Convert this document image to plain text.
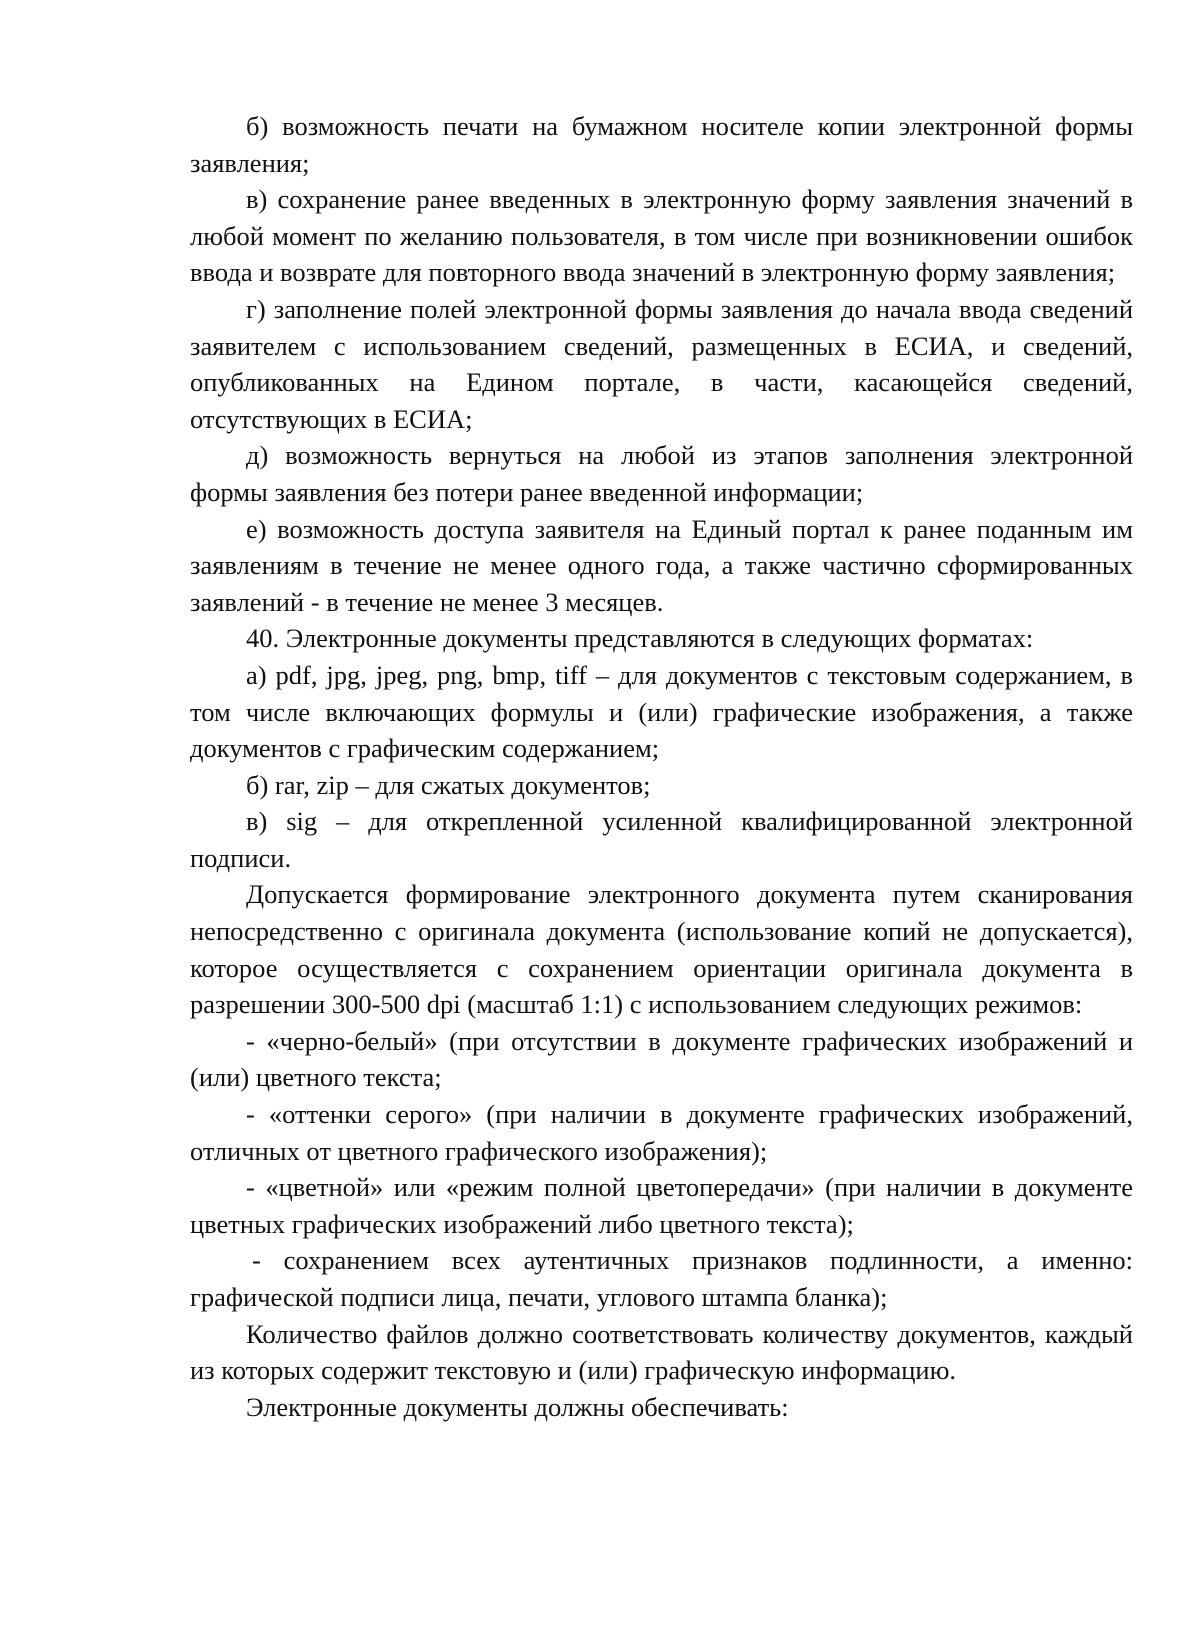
б) возможность печати на бумажном носителе копии электронной формы заявления;

в) сохранение ранее введенных в электронную форму заявления значений в любой момент по желанию пользователя, в том числе при возникновении ошибок ввода и возврате для повторного ввода значений в электронную форму заявления;

г) заполнение полей электронной формы заявления до начала ввода сведений заявителем с использованием сведений, размещенных в ЕСИА, и сведений, опубликованных на Едином портале, в части, касающейся сведений, отсутствующих в ЕСИА;

д) возможность вернуться на любой из этапов заполнения электронной формы заявления без потери ранее введенной информации;

е) возможность доступа заявителя на Единый портал к ранее поданным им заявлениям в течение не менее одного года, а также частично сформированных заявлений - в течение не менее 3 месяцев.

40. Электронные документы представляются в следующих форматах:

а) pdf, jpg, jpeg, png, bmp, tiff – для документов с текстовым содержанием, в том числе включающих формулы и (или) графические изображения, а также документов с графическим содержанием;

б) rar, zip – для сжатых документов;

в) sig – для открепленной усиленной квалифицированной электронной подписи.

Допускается формирование электронного документа путем сканирования непосредственно с оригинала документа (использование копий не допускается), которое осуществляется с сохранением ориентации оригинала документа в разрешении 300-500 dpi (масштаб 1:1) с использованием следующих режимов:

- «черно-белый» (при отсутствии в документе графических изображений и (или) цветного текста;

- «оттенки серого» (при наличии в документе графических изображений, отличных от цветного графического изображения);

- «цветной» или «режим полной цветопередачи» (при наличии в документе цветных графических изображений либо цветного текста);

- сохранением всех аутентичных признаков подлинности, а именно: графической подписи лица, печати, углового штампа бланка);

Количество файлов должно соответствовать количеству документов, каждый из которых содержит текстовую и (или) графическую информацию.

Электронные документы должны обеспечивать:
